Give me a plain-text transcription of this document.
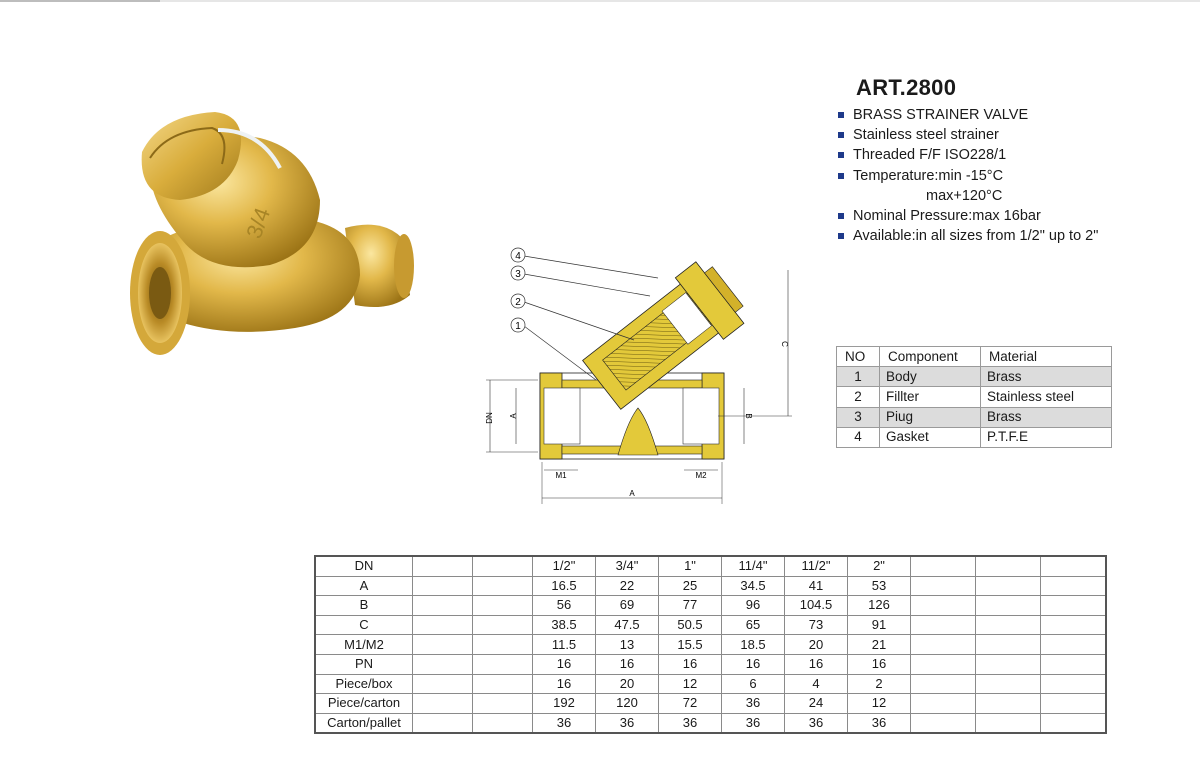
3/4
ART.2800
BRASS STRAINER VALVE
Stainless steel strainer
Threaded F/F ISO228/1
Temperature:min -15°C
max+120°C
Nominal Pressure:max 16bar
Available:in all sizes from 1/2" up to 2"
4
3
2
1
DN A	B
C
M1	M2
A
NO	Component	Material
1	Body	Brass
2	Fillter	Stainless steel
3	Piug	Brass
4	Gasket	P.T.F.E
DN			1/2"	3/4"	1"	11/4"	11/2"	2"			
A			16.5	22	25	34.5	41	53			
B			56	69	77	96	104.5	126			
C			38.5	47.5	50.5	65	73	91			
M1/M2			11.5	13	15.5	18.5	20	21			
PN			16	16	16	16	16	16			
Piece/box			16	20	12	6	4	2			
Piece/carton			192	120	72	36	24	12			
Carton/pallet			36	36	36	36	36	36			
